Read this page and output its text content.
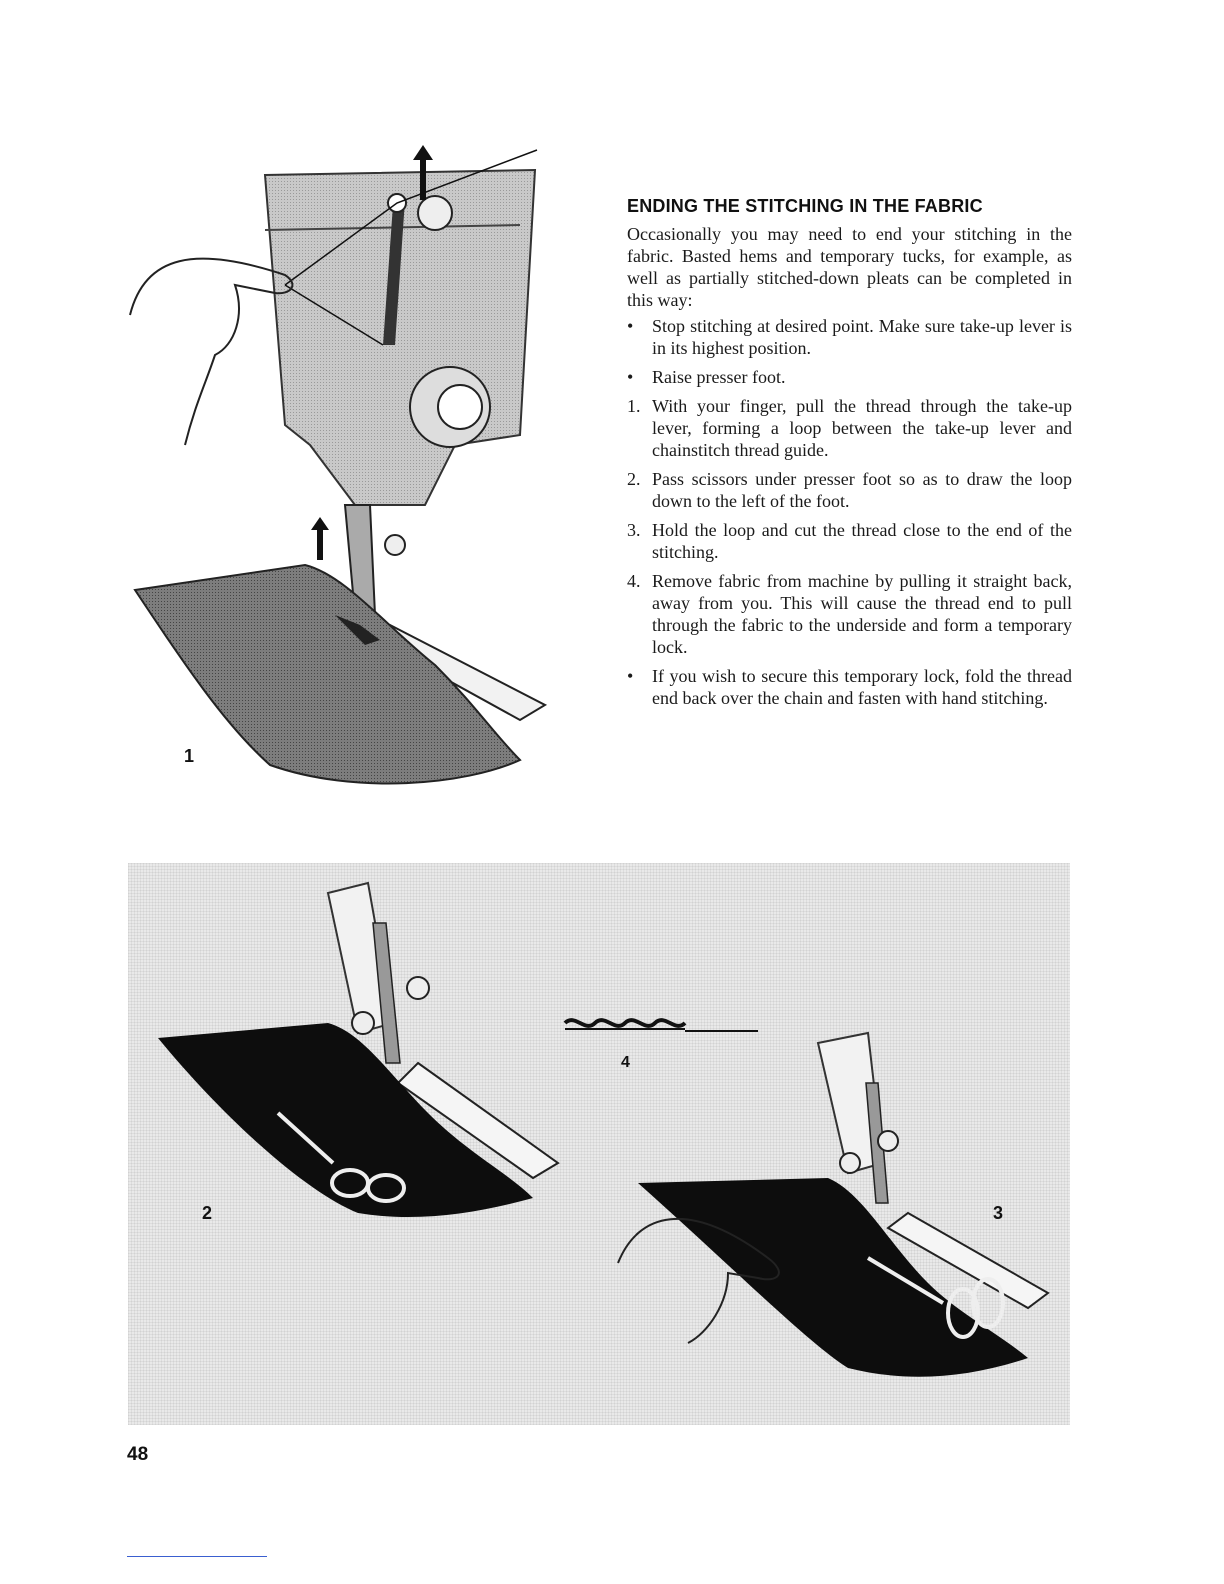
1
ENDING THE STITCHING IN THE FABRIC

Occasionally you may need to end your stitching in the fabric. Basted hems and temporary tucks, for example, as well as partially stitched-down pleats can be completed in this way:

•	Stop stitching at desired point. Make sure take-up lever is in its highest position.
•	Raise presser foot.
1. With your finger, pull the thread through the take-up lever, forming a loop between the take-up lever and chainstitch thread guide.
2. Pass scissors under presser foot so as to draw the loop down to the left of the foot.
3. Hold the loop and cut the thread close to the end of the stitching.
4. Remove fabric from machine by pulling it straight back, away from you. This will cause the thread end to pull through the fabric to the underside and form a temporary lock.
•	If you wish to secure this temporary lock, fold the thread end back over the chain and fasten with hand stitching.
2	3
4
48
